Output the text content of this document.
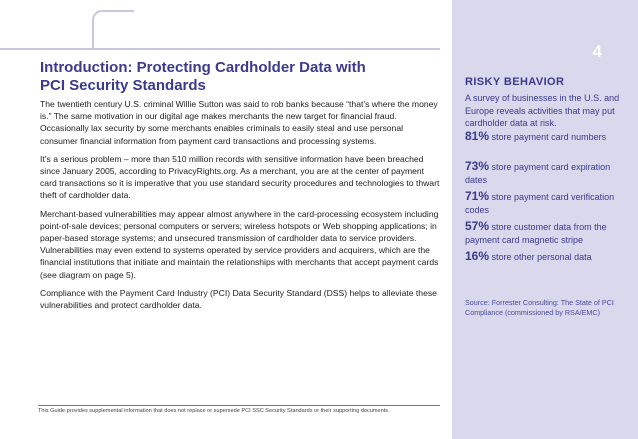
4
RISKY BEHAVIOR
A survey of businesses in the U.S. and Europe reveals activities that may put cardholder data at risk.
81% store payment card numbers
73% store payment card expiration dates
71% store payment card verification codes
57% store customer data from the payment card magnetic stripe
16% store other personal data
Source: Forrester Consulting: The State of PCI Compliance (commissioned by RSA/EMC)
Introduction: Protecting Cardholder Data with
PCI Security Standards

The twentieth century U.S. criminal Willie Sutton was said to rob banks because “that’s where the money is.” The same motivation in our digital age makes merchants the new target for financial fraud. Occasionally lax security by some merchants enables criminals to easily steal and use personal consumer financial information from payment card transactions and processing systems.

It’s a serious problem – more than 510 million records with sensitive information have been breached since January 2005, according to PrivacyRights.org. As a merchant, you are at the center of payment card transactions so it is imperative that you use standard security procedures and technologies to thwart theft of cardholder data.

Merchant-based vulnerabilities may appear almost anywhere in the card-processing ecosystem including point-of-sale devices; personal computers or servers; wireless hotspots or Web shopping applications; in paper-based storage systems; and unsecured transmission of cardholder data to service providers. Vulnerabilities may even extend to systems operated by service providers and acquirers, which are the financial institutions that initiate and maintain the relationships with merchants that accept payment cards (see diagram on page 5).

Compliance with the Payment Card Industry (PCI) Data Security Standard (DSS) helps to alleviate these vulnerabilities and protect cardholder data.

This Guide provides supplemental information that does not replace or supersede PCI SSC Security Standards or their supporting documents.
